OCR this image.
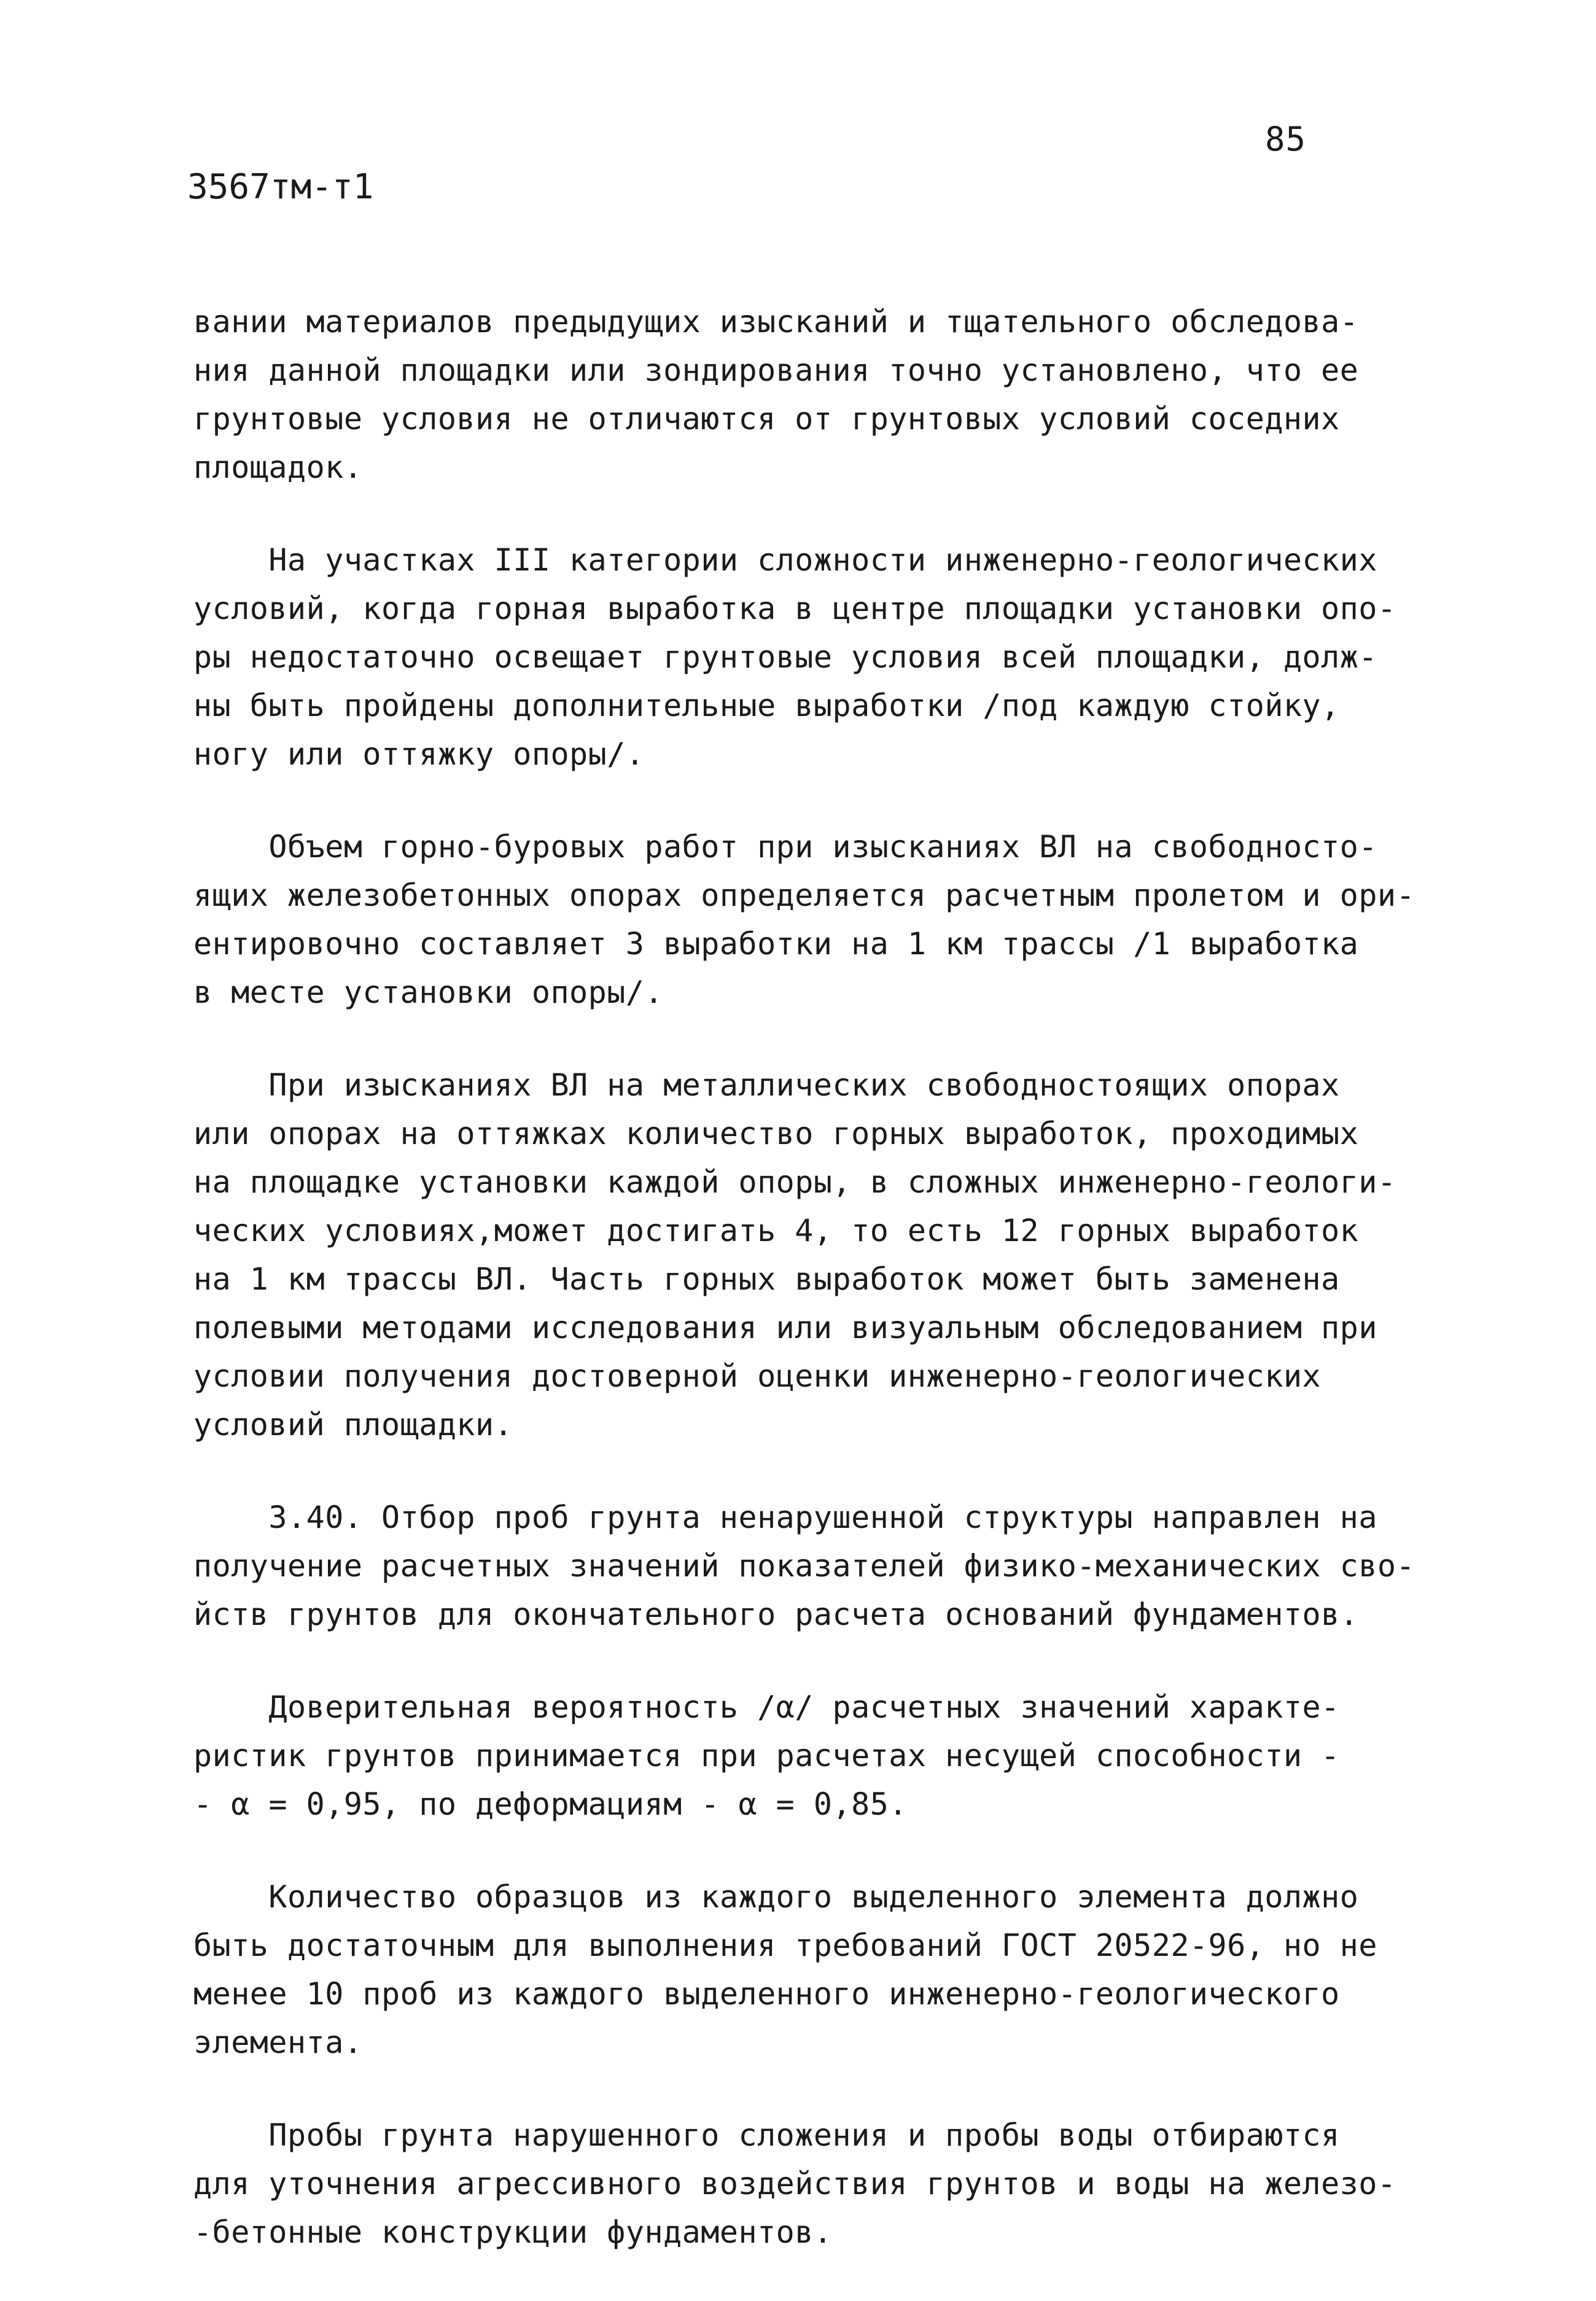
85
3567тм-т1
вании материалов предыдущих изысканий и тщательного обследова-
ния данной площадки или зондирования точно установлено, что ее
грунтовые условия не отличаются от грунтовых условий соседних
площадок.
На участках III категории сложности инженерно-геологических
условий, когда горная выработка в центре площадки установки опо-
ры недостаточно освещает грунтовые условия всей площадки, долж-
ны быть пройдены дополнительные выработки /под каждую стойку,
ногу или оттяжку опоры/.
Объем горно-буровых работ при изысканиях ВЛ на свободносто-
ящих железобетонных опорах определяется расчетным пролетом и ори-
ентировочно составляет 3 выработки на 1 км трассы /1 выработка
в месте установки опоры/.
При изысканиях ВЛ на металлических свободностоящих опорах
или опорах на оттяжках количество горных выработок, проходимых
на площадке установки каждой опоры, в сложных инженерно-геологи-
ческих условиях,может достигать 4, то есть 12 горных выработок
на 1 км трассы ВЛ. Часть горных выработок может быть заменена
полевыми методами исследования или визуальным обследованием при
условии получения достоверной оценки инженерно-геологических
условий площадки.
3.40. Отбор проб грунта ненарушенной структуры направлен на
получение расчетных значений показателей физико-механических сво-
йств грунтов для окончательного расчета оснований фундаментов.
Доверительная вероятность /α/ расчетных значений характе-
ристик грунтов принимается при расчетах несущей способности -
- α = 0,95, по деформациям - α = 0,85.
Количество образцов из каждого выделенного элемента должно
быть достаточным для выполнения требований ГОСТ 20522-96, но не
менее 10 проб из каждого выделенного инженерно-геологического
элемента.
Пробы грунта нарушенного сложения и пробы воды отбираются
для уточнения агрессивного воздействия грунтов и воды на железо-
-бетонные конструкции фундаментов.
